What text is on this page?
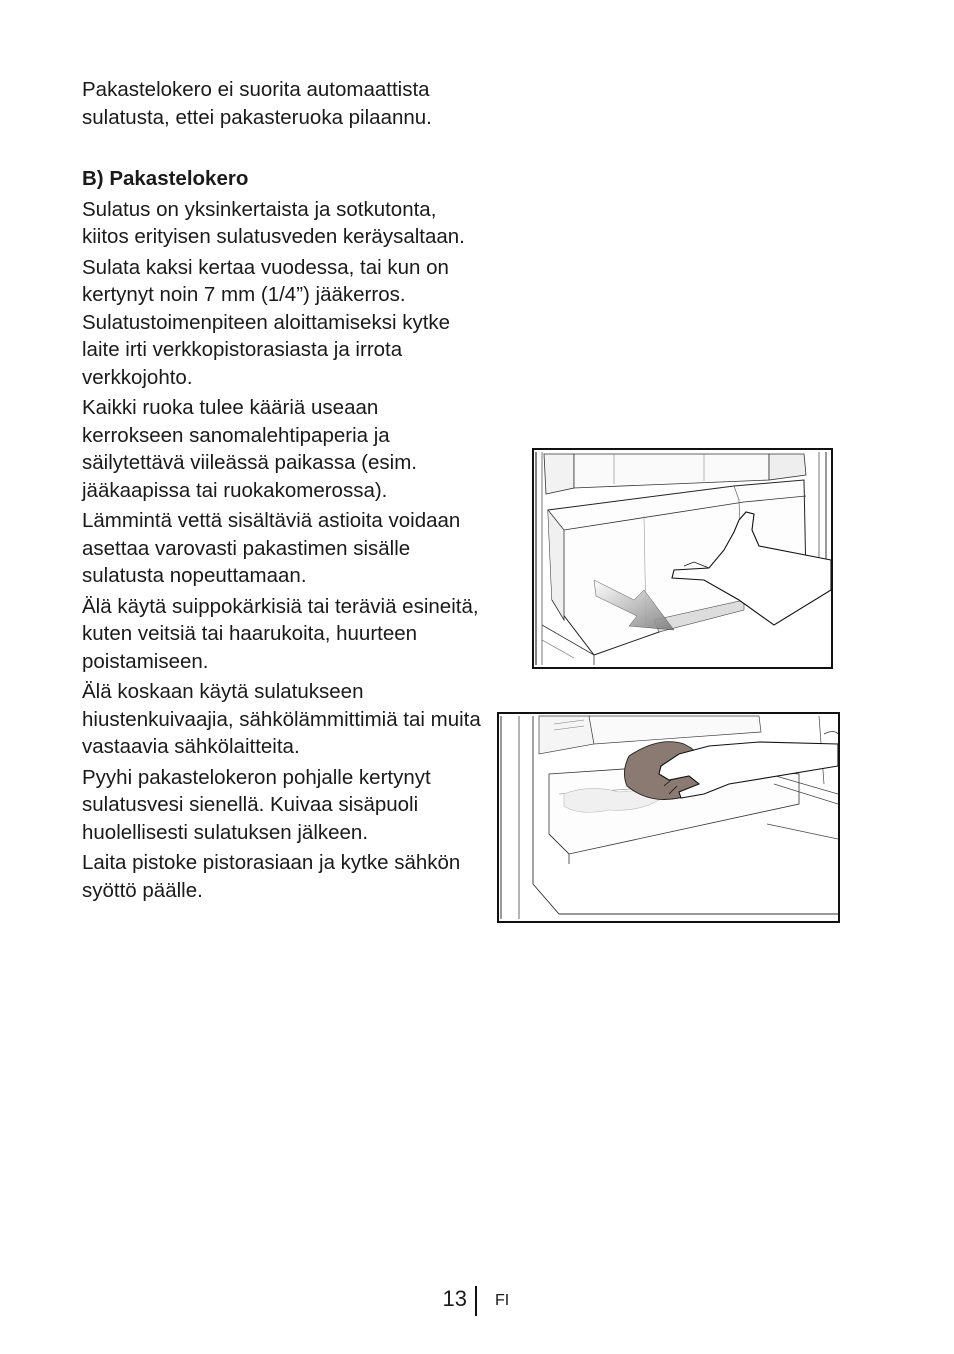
Pakastelokero ei suorita automaattista sulatusta, ettei pakasteruoka pilaannu.

B) Pakastelokero

Sulatus on yksinkertaista ja sotkutonta, kiitos erityisen sulatusveden keräysaltaan.

Sulata kaksi kertaa vuodessa, tai kun on kertynyt noin 7 mm (1/4”) jääkerros. Sulatustoimenpiteen aloittamiseksi kytke laite irti verkkopistorasiasta ja irrota verkkojohto.

Kaikki ruoka tulee kääriä useaan kerrokseen sanomalehtipaperia ja säilytettävä viileässä paikassa (esim. jääkaapissa tai ruokakomerossa).

Lämmintä vettä sisältäviä astioita voidaan asettaa varovasti pakastimen sisälle sulatusta nopeuttamaan.

Älä käytä suippokärkisiä tai teräviä esineitä, kuten veitsiä tai haarukoita, huurteen poistamiseen.

Älä koskaan käytä sulatukseen hiustenkuivaajia, sähkölämmittimiä tai muita vastaavia sähkölaitteita.

Pyyhi pakastelokeron pohjalle kertynyt sulatusvesi sienellä. Kuivaa sisäpuoli huolellisesti sulatuksen jälkeen.

Laita pistoke pistorasiaan ja kytke sähkön syöttö päälle.

13 FI
